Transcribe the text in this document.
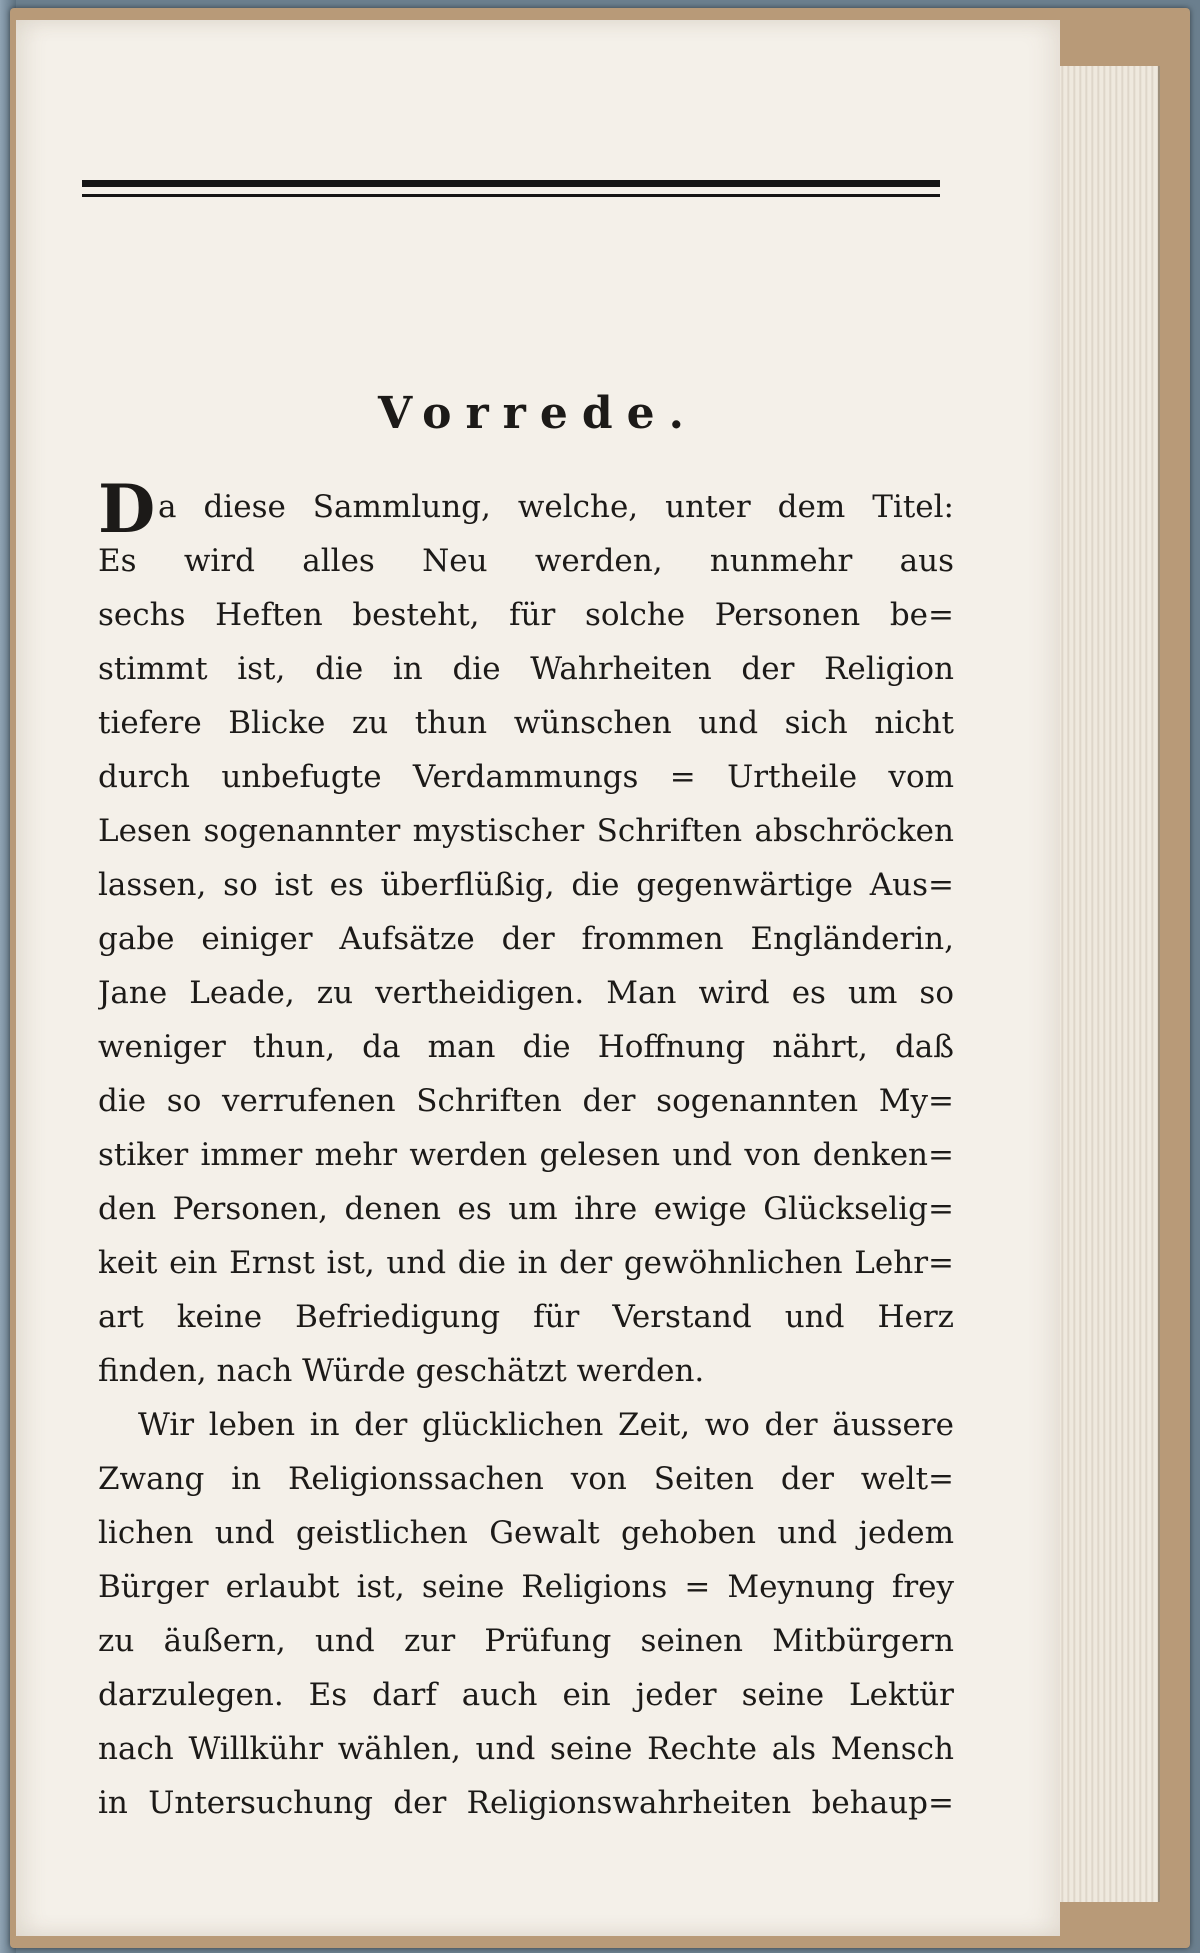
Vorrede.
D a diese Sammlung, welche, unter dem Titel:
Es wird alles Neu werden, nunmehr aus
sechs Heften besteht, für solche Personen be=
stimmt ist, die in die Wahrheiten der Religion
tiefere Blicke zu thun wünschen und sich nicht
durch unbefugte Verdammungs = Urtheile vom
Lesen sogenannter mystischer Schriften abschröcken
lassen, so ist es überflüßig, die gegenwärtige Aus=
gabe einiger Aufsätze der frommen Engländerin,
Jane Leade, zu vertheidigen. Man wird es um so
weniger thun, da man die Hoffnung nährt, daß
die so verrufenen Schriften der sogenannten My=
stiker immer mehr werden gelesen und von denken=
den Personen, denen es um ihre ewige Glückselig=
keit ein Ernst ist, und die in der gewöhnlichen Lehr=
art keine Befriedigung für Verstand und Herz
finden, nach Würde geschätzt werden.
Wir leben in der glücklichen Zeit, wo der äussere
Zwang in Religionssachen von Seiten der welt=
lichen und geistlichen Gewalt gehoben und jedem
Bürger erlaubt ist, seine Religions = Meynung frey
zu äußern, und zur Prüfung seinen Mitbürgern
darzulegen. Es darf auch ein jeder seine Lektür
nach Willkühr wählen, und seine Rechte als Mensch
in Untersuchung der Religionswahrheiten behaup=
